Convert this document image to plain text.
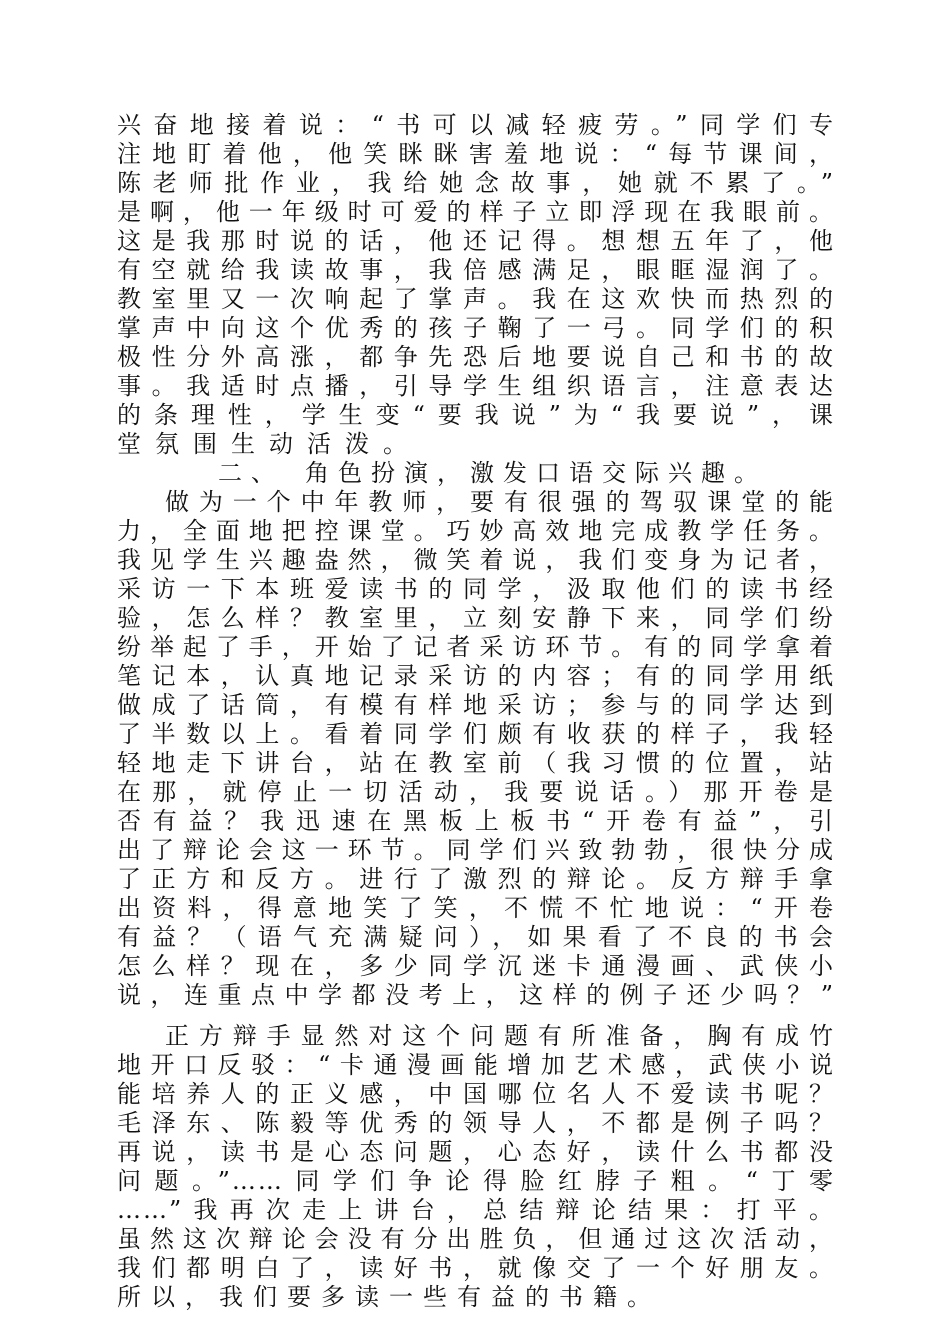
兴奋地接着说：“书可以减轻疲劳。”同学们专
注地盯着他，他笑眯眯害羞地说：“每节课间，
陈老师批作业，我给她念故事，她就不累了。”
是啊，他一年级时可爱的样子立即浮现在我眼前。
这是我那时说的话，他还记得。想想五年了，他
有空就给我读故事，我倍感满足，眼眶湿润了。
教室里又一次响起了掌声。我在这欢快而热烈的
掌声中向这个优秀的孩子鞠了一弓。同学们的积
极性分外高涨，都争先恐后地要说自己和书的故
事。我适时点播，引导学生组织语言，注意表达
的条理性，学生变“要我说”为“我要说”，课
堂氛围生动活泼。
二、　角色扮演，激发口语交际兴趣。
做为一个中年教师，要有很强的驾驭课堂的能
力，全面地把控课堂。巧妙高效地完成教学任务。
我见学生兴趣盎然，微笑着说，我们变身为记者，
采访一下本班爱读书的同学，汲取他们的读书经
验，怎么样？教室里，立刻安静下来，同学们纷
纷举起了手，开始了记者采访环节。有的同学拿着
笔记本，认真地记录采访的内容；有的同学用纸
做成了话筒，有模有样地采访；参与的同学达到
了半数以上。看着同学们颇有收获的样子，我轻
轻地走下讲台，站在教室前（我习惯的位置，站
在那，就停止一切活动，我要说话。）那开卷是
否有益？我迅速在黑板上板书“开卷有益”，引
出了辩论会这一环节。同学们兴致勃勃，很快分成
了正方和反方。进行了激烈的辩论。反方辩手拿
出资料，得意地笑了笑，不慌不忙地说：“开卷
有益？（语气充满疑问），如果看了不良的书会
怎么样？现在，多少同学沉迷卡通漫画、武侠小
说，连重点中学都没考上，这样的例子还少吗？”
正方辩手显然对这个问题有所准备，胸有成竹
地开口反驳：“卡通漫画能增加艺术感，武侠小说
能培养人的正义感，中国哪位名人不爱读书呢？
毛泽东、陈毅等优秀的领导人，不都是例子吗？
再说，读书是心态问题，心态好，读什么书都没
问题。”……同学们争论得脸红脖子粗。“丁零
……”我再次走上讲台，总结辩论结果：打平。
虽然这次辩论会没有分出胜负，但通过这次活动，
我们都明白了，读好书，就像交了一个好朋友。
所以，我们要多读一些有益的书籍。
